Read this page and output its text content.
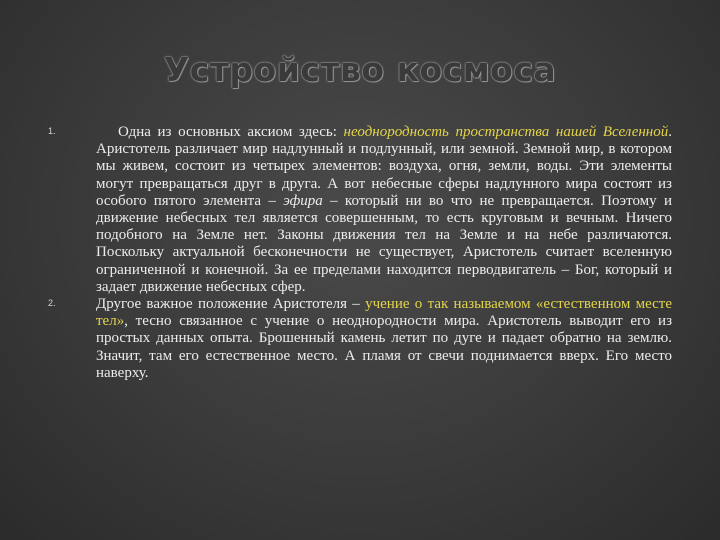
Устройство космоса
1.	Одна из основных аксиом здесь: неоднородность пространства нашей Вселенной. Аристотель различает мир надлунный и подлунный, или земной. Земной мир, в котором мы живем, состоит из четырех элементов: воздуха, огня, земли, воды. Эти элементы могут превращаться друг в друга. А вот небесные сферы надлунного мира состоят из особого пятого элемента – эфира – который ни во что не превращается. Поэтому и движение небесных тел является совершенным, то есть круговым и вечным. Ничего подобного на Земле нет. Законы движения тел на Земле и на небе различаются. Поскольку актуальной бесконечности не существует, Аристотель считает вселенную ограниченной и конечной. За ее пределами находится перводвигатель – Бог, который и задает движение небесных сфер.
2.	Другое важное положение Аристотеля – учение о так называемом «естественном месте тел», тесно связанное с учение о неоднородности мира. Аристотель выводит его из простых данных опыта. Брошенный камень летит по дуге и падает обратно на землю. Значит, там его естественное место. А пламя от свечи поднимается вверх. Его место наверху.
